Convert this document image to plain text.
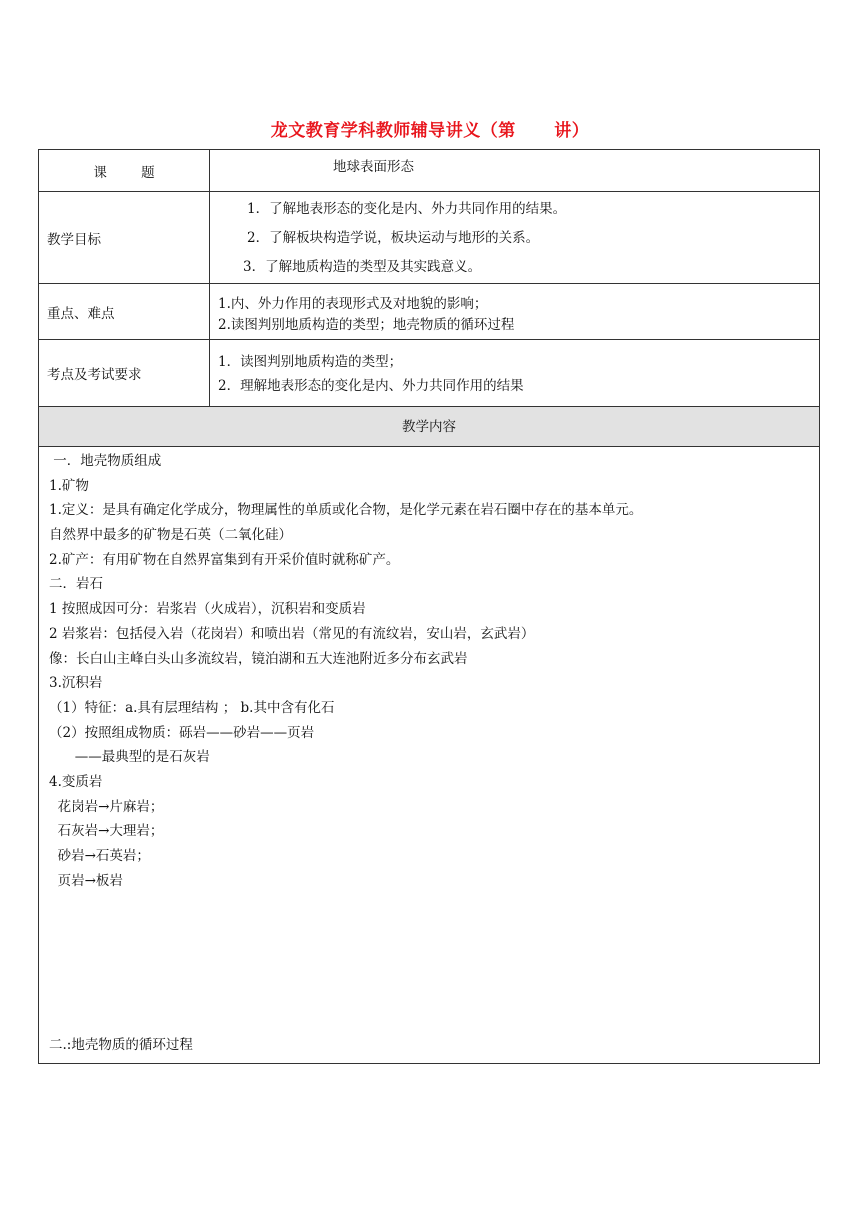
龙文教育学科教师辅导讲义（第      讲）
课        题	地球表面形态
教学目标
1．了解地表形态的变化是内、外力共同作用的结果。
2．了解板块构造学说，板块运动与地形的关系。
3．了解地质构造的类型及其实践意义。
重点、难点
1.内、外力作用的表现形式及对地貌的影响；
2.读图判别地质构造的类型；地壳物质的循环过程
考点及考试要求
1．读图判别地质构造的类型；
2．理解地表形态的变化是内、外力共同作用的结果
教学内容
一．地壳物质组成
1.矿物
1.定义：是具有确定化学成分，物理属性的单质或化合物，是化学元素在岩石圈中存在的基本单元。
自然界中最多的矿物是石英（二氧化硅）
2.矿产：有用矿物在自然界富集到有开采价值时就称矿产。
二．岩石
1 按照成因可分：岩浆岩（火成岩），沉积岩和变质岩
2 岩浆岩：包括侵入岩（花岗岩）和喷出岩（常见的有流纹岩，安山岩，玄武岩）
像：长白山主峰白头山多流纹岩，镜泊湖和五大连池附近多分布玄武岩
3.沉积岩
（1）特征：a.具有层理结构 ； b.其中含有化石
（2）按照组成物质：砾岩——砂岩——页岩
——最典型的是石灰岩
4.变质岩
花岗岩→片麻岩；
石灰岩→大理岩；
砂岩→石英岩；
页岩→板岩
二.:地壳物质的循环过程
